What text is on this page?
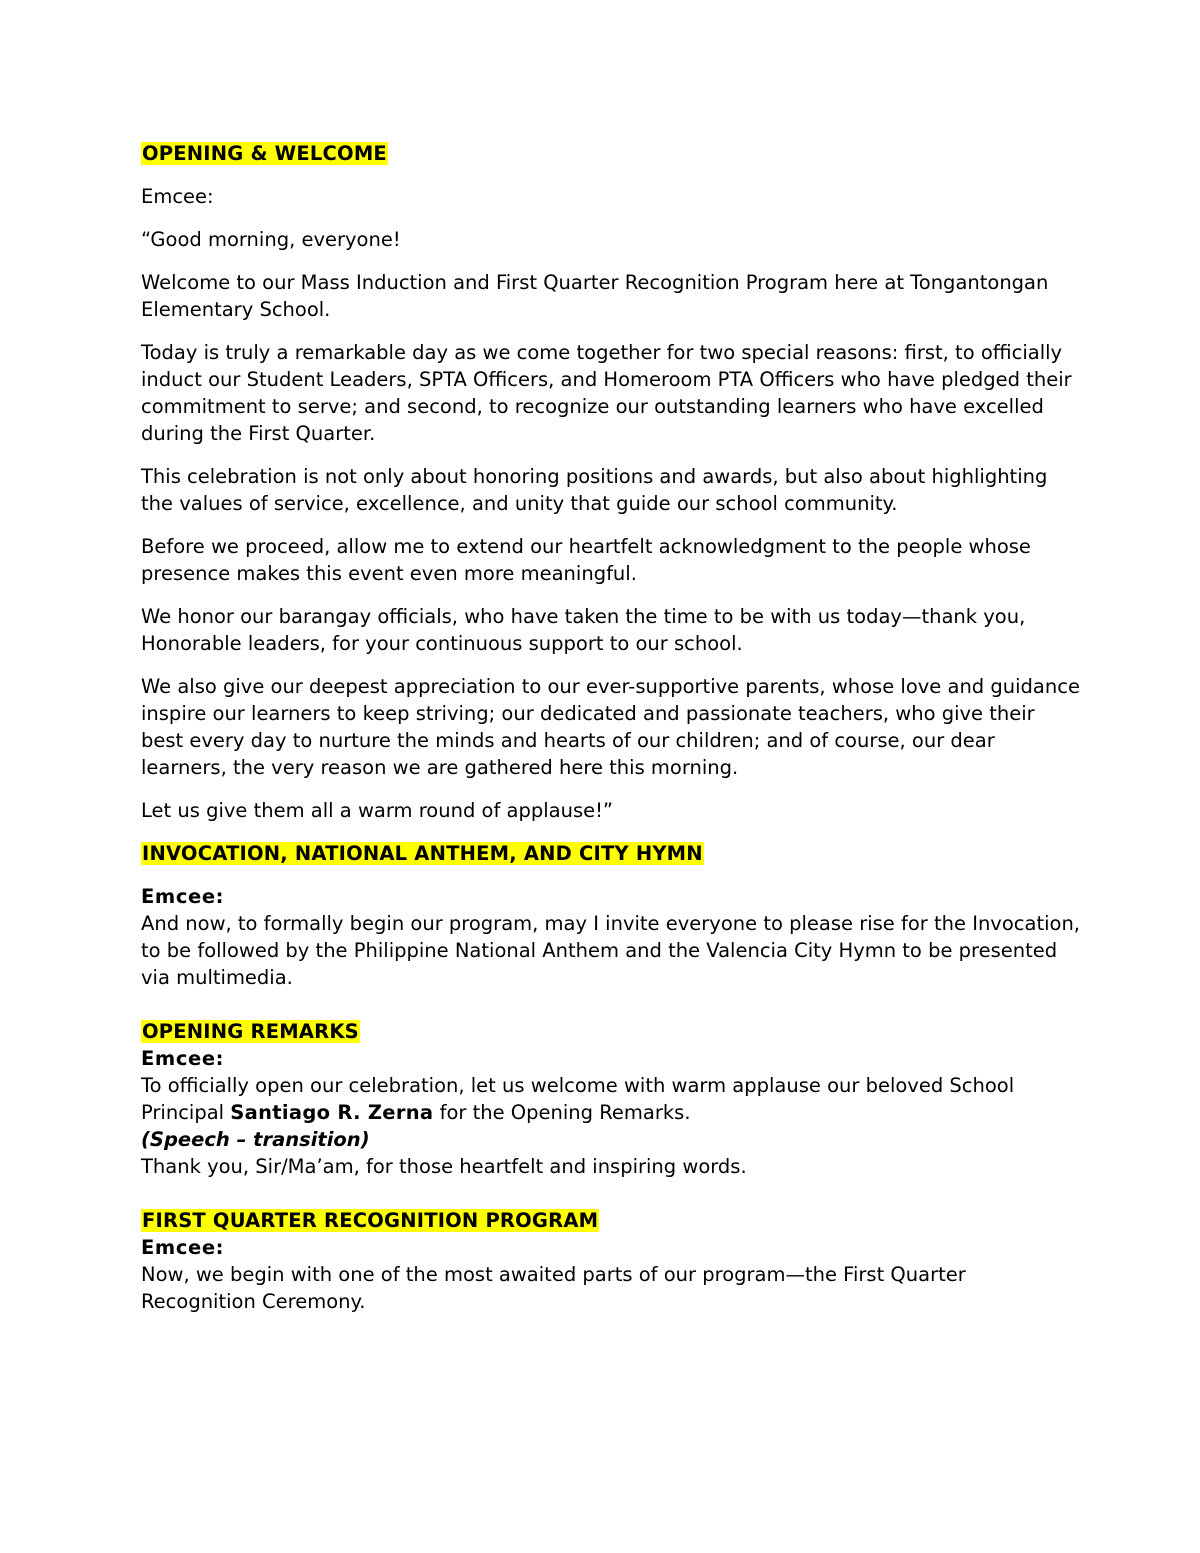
OPENING & WELCOME

Emcee:

“Good morning, everyone!

Welcome to our Mass Induction and First Quarter Recognition Program here at Tongantongan Elementary School.

Today is truly a remarkable day as we come together for two special reasons: first, to officially induct our Student Leaders, SPTA Officers, and Homeroom PTA Officers who have pledged their commitment to serve; and second, to recognize our outstanding learners who have excelled during the First Quarter.

This celebration is not only about honoring positions and awards, but also about highlighting the values of service, excellence, and unity that guide our school community.

Before we proceed, allow me to extend our heartfelt acknowledgment to the people whose presence makes this event even more meaningful.

We honor our barangay officials, who have taken the time to be with us today—thank you, Honorable leaders, for your continuous support to our school.

We also give our deepest appreciation to our ever-supportive parents, whose love and guidance inspire our learners to keep striving; our dedicated and passionate teachers, who give their best every day to nurture the minds and hearts of our children; and of course, our dear learners, the very reason we are gathered here this morning.

Let us give them all a warm round of applause!”

INVOCATION, NATIONAL ANTHEM, AND CITY HYMN

Emcee:

And now, to formally begin our program, may I invite everyone to please rise for the Invocation, to be followed by the Philippine National Anthem and the Valencia City Hymn to be presented via multimedia.

OPENING REMARKS

Emcee:

To officially open our celebration, let us welcome with warm applause our beloved School Principal Santiago R. Zerna for the Opening Remarks.

(Speech – transition)

Thank you, Sir/Ma’am, for those heartfelt and inspiring words.

FIRST QUARTER RECOGNITION PROGRAM

Emcee:

Now, we begin with one of the most awaited parts of our program—the First Quarter Recognition Ceremony.
